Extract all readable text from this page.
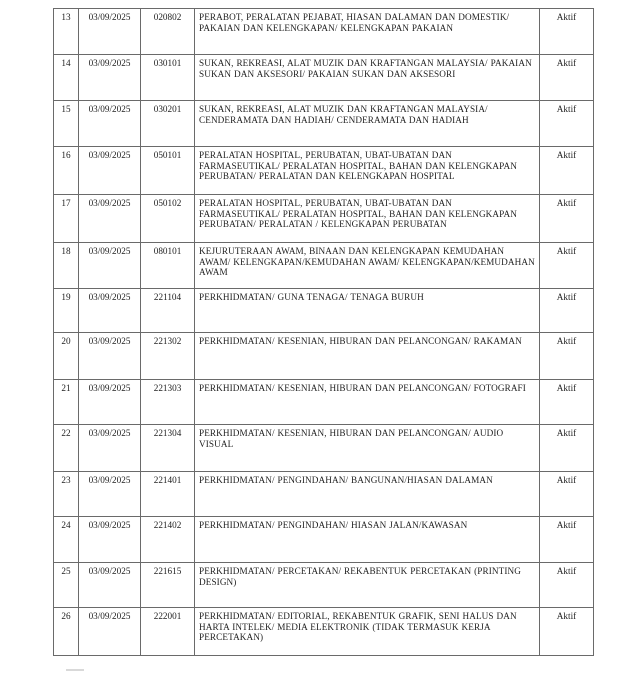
13	03/09/2025	020802	PERABOT, PERALATAN PEJABAT, HIASAN DALAMAN DAN DOMESTIK/ PAKAIAN DAN KELENGKAPAN/ KELENGKAPAN PAKAIAN	Aktif
14	03/09/2025	030101	SUKAN, REKREASI, ALAT MUZIK DAN KRAFTANGAN MALAYSIA/ PAKAIAN SUKAN DAN AKSESORI/ PAKAIAN SUKAN DAN AKSESORI	Aktif
15	03/09/2025	030201	SUKAN, REKREASI, ALAT MUZIK DAN KRAFTANGAN MALAYSIA/ CENDERAMATA DAN HADIAH/ CENDERAMATA DAN HADIAH	Aktif
16	03/09/2025	050101	PERALATAN HOSPITAL, PERUBATAN, UBAT-UBATAN DAN FARMASEUTIKAL/ PERALATAN HOSPITAL, BAHAN DAN KELENGKAPAN PERUBATAN/ PERALATAN DAN KELENGKAPAN HOSPITAL	Aktif
17	03/09/2025	050102	PERALATAN HOSPITAL, PERUBATAN, UBAT-UBATAN DAN FARMASEUTIKAL/ PERALATAN HOSPITAL, BAHAN DAN KELENGKAPAN PERUBATAN/ PERALATAN / KELENGKAPAN PERUBATAN	Aktif
18	03/09/2025	080101	KEJURUTERAAN AWAM, BINAAN DAN KELENGKAPAN KEMUDAHAN AWAM/ KELENGKAPAN/KEMUDAHAN AWAM/ KELENGKAPAN/KEMUDAHAN AWAM	Aktif
19	03/09/2025	221104	PERKHIDMATAN/ GUNA TENAGA/ TENAGA BURUH	Aktif
20	03/09/2025	221302	PERKHIDMATAN/ KESENIAN, HIBURAN DAN PELANCONGAN/ RAKAMAN	Aktif
21	03/09/2025	221303	PERKHIDMATAN/ KESENIAN, HIBURAN DAN PELANCONGAN/ FOTOGRAFI	Aktif
22	03/09/2025	221304	PERKHIDMATAN/ KESENIAN, HIBURAN DAN PELANCONGAN/ AUDIO VISUAL	Aktif
23	03/09/2025	221401	PERKHIDMATAN/ PENGINDAHAN/ BANGUNAN/HIASAN DALAMAN	Aktif
24	03/09/2025	221402	PERKHIDMATAN/ PENGINDAHAN/ HIASAN JALAN/KAWASAN	Aktif
25	03/09/2025	221615	PERKHIDMATAN/ PERCETAKAN/ REKABENTUK PERCETAKAN (PRINTING DESIGN)	Aktif
26	03/09/2025	222001	PERKHIDMATAN/ EDITORIAL, REKABENTUK GRAFIK, SENI HALUS DAN HARTA INTELEK/ MEDIA ELEKTRONIK (TIDAK TERMASUK KERJA PERCETAKAN)	Aktif
